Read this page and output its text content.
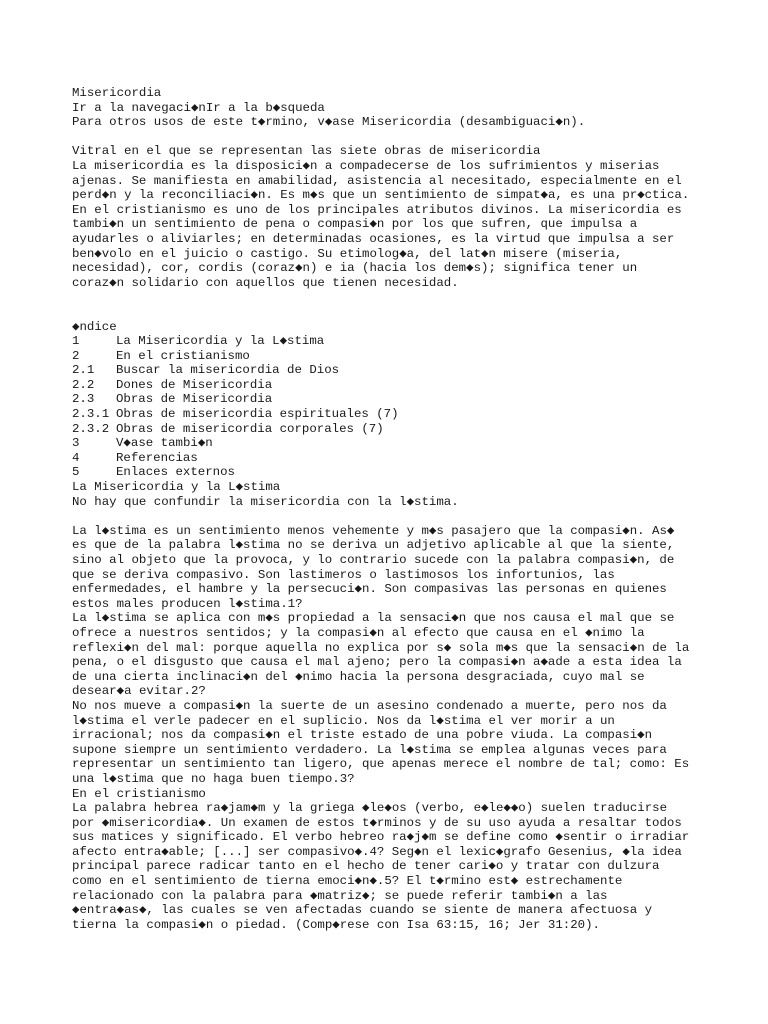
Misericordia
Ir a la navegaci◆nIr a la b◆squeda
Para otros usos de este t◆rmino, v◆ase Misericordia (desambiguaci◆n).
Vitral en el que se representan las siete obras de misericordia
La misericordia es la disposici◆n a compadecerse de los sufrimientos y miserias
ajenas. Se manifiesta en amabilidad, asistencia al necesitado, especialmente en el
perd◆n y la reconciliaci◆n. Es m◆s que un sentimiento de simpat◆a, es una pr◆ctica.
En el cristianismo es uno de los principales atributos divinos. La misericordia es
tambi◆n un sentimiento de pena o compasi◆n por los que sufren, que impulsa a
ayudarles o aliviarles; en determinadas ocasiones, es la virtud que impulsa a ser
ben◆volo en el juicio o castigo. Su etimolog◆a, del lat◆n misere (miseria,
necesidad), cor, cordis (coraz◆n) e ia (hacia los dem◆s); significa tener un
coraz◆n solidario con aquellos que tienen necesidad.
◆ndice
1	La Misericordia y la L◆stima
2	En el cristianismo
2.1	Buscar la misericordia de Dios
2.2	Dones de Misericordia
2.3	Obras de Misericordia
2.3.1 Obras de misericordia espirituales (7)
2.3.2 Obras de misericordia corporales (7)
3	V◆ase tambi◆n
4	Referencias
5	Enlaces externos
La Misericordia y la L◆stima
No hay que confundir la misericordia con la l◆stima.
La l◆stima es un sentimiento menos vehemente y m◆s pasajero que la compasi◆n. As◆
es que de la palabra l◆stima no se deriva un adjetivo aplicable al que la siente,
sino al objeto que la provoca, y lo contrario sucede con la palabra compasi◆n, de
que se deriva compasivo. Son lastimeros o lastimosos los infortunios, las
enfermedades, el hambre y la persecuci◆n. Son compasivas las personas en quienes
estos males producen l◆stima.1?
La l◆stima se aplica con m◆s propiedad a la sensaci◆n que nos causa el mal que se
ofrece a nuestros sentidos; y la compasi◆n al efecto que causa en el ◆nimo la
reflexi◆n del mal: porque aquella no explica por s◆ sola m◆s que la sensaci◆n de la
pena, o el disgusto que causa el mal ajeno; pero la compasi◆n a◆ade a esta idea la
de una cierta inclinaci◆n del ◆nimo hacia la persona desgraciada, cuyo mal se
desear◆a evitar.2?
No nos mueve a compasi◆n la suerte de un asesino condenado a muerte, pero nos da
l◆stima el verle padecer en el suplicio. Nos da l◆stima el ver morir a un
irracional; nos da compasi◆n el triste estado de una pobre viuda. La compasi◆n
supone siempre un sentimiento verdadero. La l◆stima se emplea algunas veces para
representar un sentimiento tan ligero, que apenas merece el nombre de tal; como: Es
una l◆stima que no haga buen tiempo.3?
En el cristianismo
La palabra hebrea ra◆jam◆m y la griega ◆le◆os (verbo, e◆le◆◆o) suelen traducirse
por ◆misericordia◆. Un examen de estos t◆rminos y de su uso ayuda a resaltar todos
sus matices y significado. El verbo hebreo ra◆j◆m se define como ◆sentir o irradiar
afecto entra◆able; [...] ser compasivo◆.4? Seg◆n el lexic◆grafo Gesenius, ◆la idea
principal parece radicar tanto en el hecho de tener cari◆o y tratar con dulzura
como en el sentimiento de tierna emoci◆n◆.5? El t◆rmino est◆ estrechamente
relacionado con la palabra para ◆matriz◆; se puede referir tambi◆n a las
◆entra◆as◆, las cuales se ven afectadas cuando se siente de manera afectuosa y
tierna la compasi◆n o piedad. (Comp◆rese con Isa 63:15, 16; Jer 31:20).
